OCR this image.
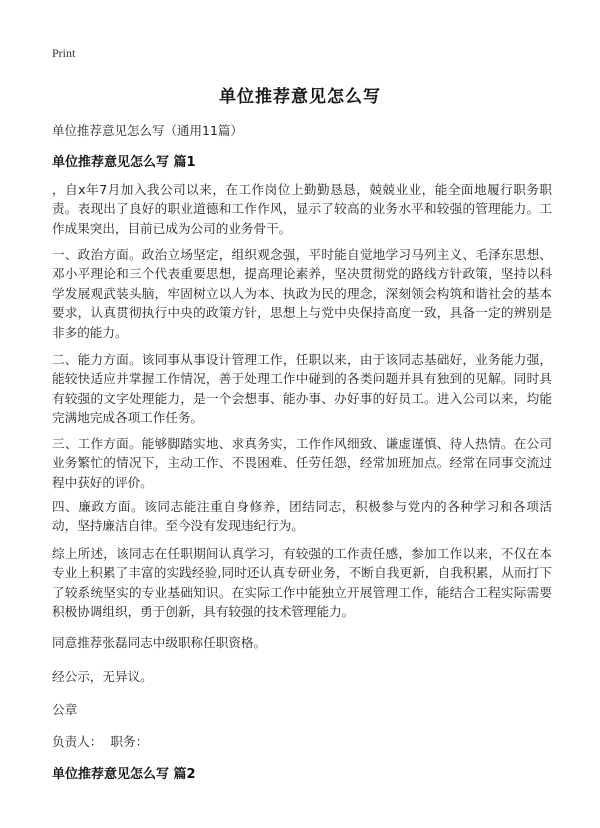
Print
单位推荐意见怎么写
单位推荐意见怎么写（通用11篇）
单位推荐意见怎么写 篇1
，自x年7月加入我公司以来，在工作岗位上勤勤恳恳，兢兢业业，能全面地履行职务职责。表现出了良好的职业道德和工作作风，显示了较高的业务水平和较强的管理能力。工作成果突出，目前已成为公司的业务骨干。
一、政治方面。政治立场坚定，组织观念强，平时能自觉地学习马列主义、毛泽东思想、邓小平理论和三个代表重要思想，提高理论素养，坚决贯彻党的路线方针政策，坚持以科学发展观武装头脑，牢固树立以人为本、执政为民的理念，深刻领会构筑和谐社会的基本要求，认真贯彻执行中央的政策方针，思想上与党中央保持高度一致，具备一定的辨别是非多的能力。
二、能力方面。该同事从事设计管理工作，任职以来，由于该同志基础好，业务能力强，能较快适应并掌握工作情况，善于处理工作中碰到的各类问题并具有独到的见解。同时具有较强的文字处理能力，是一个会想事、能办事、办好事的好员工。进入公司以来，均能完满地完成各项工作任务。
三、工作方面。能够脚踏实地、求真务实，工作作风细致、谦虚谨慎、待人热情。在公司业务繁忙的情况下，主动工作、不畏困难、任劳任怨，经常加班加点。经常在同事交流过程中获好的评价。
四、廉政方面。该同志能注重自身修养，团结同志，积极参与党内的各种学习和各项活动，坚持廉洁自律。至今没有发现违纪行为。
综上所述，该同志在任职期间认真学习，有较强的工作责任感，参加工作以来，不仅在本专业上积累了丰富的实践经验,同时还认真专研业务，不断自我更新，自我积累，从而打下了较系统坚实的专业基础知识。在实际工作中能独立开展管理工作，能结合工程实际需要积极协调组织，勇于创新，具有较强的技术管理能力。
同意推荐张磊同志中级职称任职资格。
经公示，无异议。
公章
负责人：  职务：
单位推荐意见怎么写 篇2
